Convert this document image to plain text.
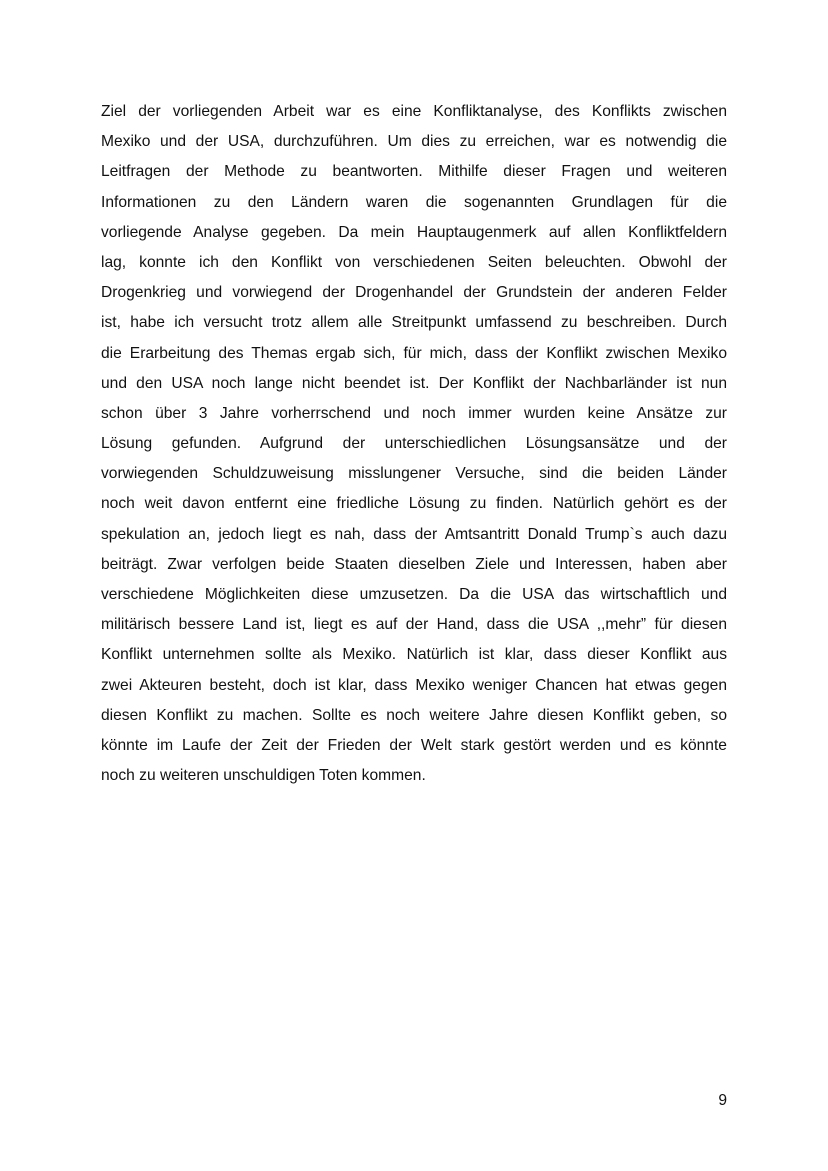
Ziel der vorliegenden Arbeit war es eine Konfliktanalyse, des Konflikts zwischen
Mexiko und der USA, durchzuführen. Um dies zu erreichen, war es notwendig die
Leitfragen der Methode zu beantworten. Mithilfe dieser Fragen und weiteren
Informationen zu den Ländern waren die sogenannten Grundlagen für die
vorliegende Analyse gegeben. Da mein Hauptaugenmerk auf allen Konfliktfeldern
lag, konnte ich den Konflikt von verschiedenen Seiten beleuchten. Obwohl der
Drogenkrieg und vorwiegend der Drogenhandel der Grundstein der anderen Felder
ist, habe ich versucht trotz allem alle Streitpunkt umfassend zu beschreiben. Durch
die Erarbeitung des Themas ergab sich, für mich, dass der Konflikt zwischen Mexiko
und den USA noch lange nicht beendet ist. Der Konflikt der Nachbarländer ist nun
schon über 3 Jahre vorherrschend und noch immer wurden keine Ansätze zur
Lösung gefunden. Aufgrund der unterschiedlichen Lösungsansätze und der
vorwiegenden Schuldzuweisung misslungener Versuche, sind die beiden Länder
noch weit davon entfernt eine friedliche Lösung zu finden. Natürlich gehört es der
spekulation an, jedoch liegt es nah, dass der Amtsantritt Donald Trump`s auch dazu
beiträgt. Zwar verfolgen beide Staaten dieselben Ziele und Interessen, haben aber
verschiedene Möglichkeiten diese umzusetzen. Da die USA das wirtschaftlich und
militärisch bessere Land ist, liegt es auf der Hand, dass die USA ,,mehr” für diesen
Konflikt unternehmen sollte als Mexiko. Natürlich ist klar, dass dieser Konflikt aus
zwei Akteuren besteht, doch ist klar, dass Mexiko weniger Chancen hat etwas gegen
diesen Konflikt zu machen. Sollte es noch weitere Jahre diesen Konflikt geben, so
könnte im Laufe der Zeit der Frieden der Welt stark gestört werden und es könnte
noch zu weiteren unschuldigen Toten kommen.
9
